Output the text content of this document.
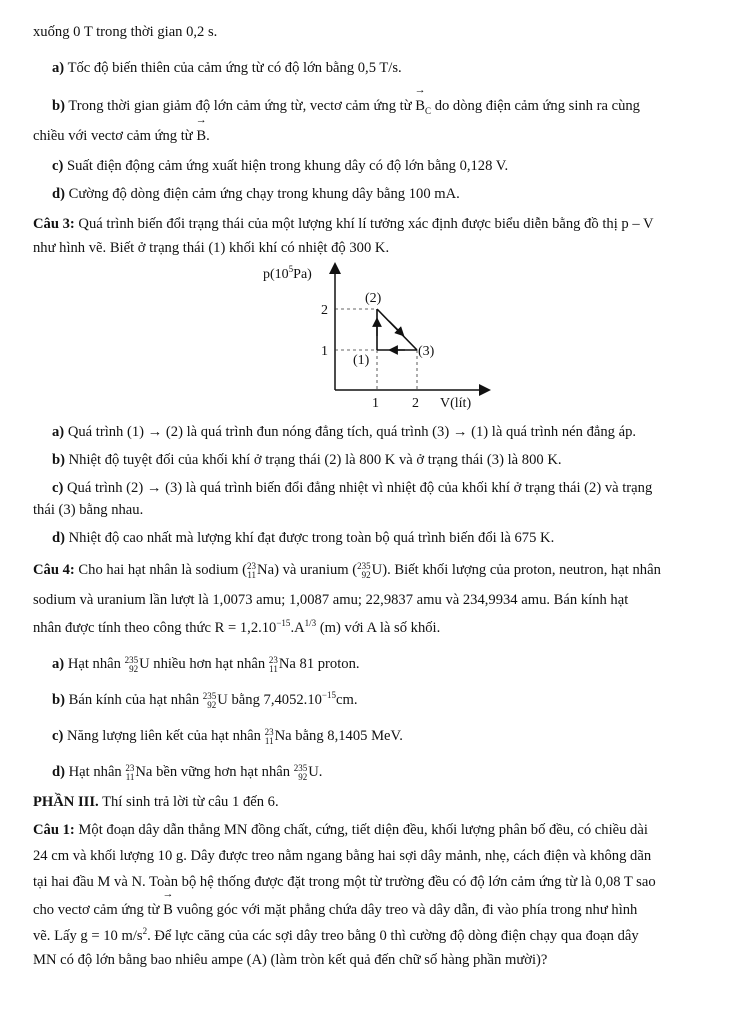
xuống 0 T trong thời gian 0,2 s.
a) Tốc độ biến thiên của cảm ứng từ có độ lớn bằng 0,5 T/s.
b) Trong thời gian giảm độ lớn cảm ứng từ, vectơ cảm ứng từ → $B_C$ do dòng điện cảm ứng sinh ra cùng
chiều với vectơ cảm ứng từ → B.
c) Suất điện động cảm ứng xuất hiện trong khung dây có độ lớn bằng 0,128 V.
d) Cường độ dòng điện cảm ứng chạy trong khung dây bằng 100 mA.
Câu 3: Quá trình biến đổi trạng thái của một lượng khí lí tưởng xác định được biểu diễn bằng đồ thị p – V
như hình vẽ. Biết ở trạng thái (1) khối khí có nhiệt độ 300 K.
$p(10^5Pa)$
2
1
1 2 V(lít)
(2)
(1)
(3)
a) Quá trình (1) → (2) là quá trình đun nóng đẳng tích, quá trình (3) → (1) là quá trình nén đẳng áp.
b) Nhiệt độ tuyệt đối của khối khí ở trạng thái (2) là 800 K và ở trạng thái (3) là 800 K.
c) Quá trình (2) → (3) là quá trình biến đổi đẳng nhiệt vì nhiệt độ của khối khí ở trạng thái (2) và trạng
thái (3) bằng nhau.
d) Nhiệt độ cao nhất mà lượng khí đạt được trong toàn bộ quá trình biến đổi là 675 K.
Câu 4: Cho hai hạt nhân là sodium ( 23
11 Na) và uranium ( 235
92 U). Biết khối lượng của proton, neutron, hạt nhân
sodium và uranium lần lượt là 1,0073 amu; 1,0087 amu; 22,9837 amu và 234,9934 amu. Bán kính hạt
nhân được tính theo công thức $R = 1,2.10^{-15}.A^{1/3}$ (m) với A là số khối.
a) Hạt nhân 235
92 U nhiều hơn hạt nhân 23
11 Na 81 proton.
b) Bán kính của hạt nhân 235
92 U bằng $7,4052.10^{-15}cm$.
c) Năng lượng liên kết của hạt nhân 23
11 Na bằng 8,1405 MeV.
d) Hạt nhân 23
11 Na bền vững hơn hạt nhân 235
92 U.
PHẦN III. Thí sinh trả lời từ câu 1 đến 6.
Câu 1: Một đoạn dây dẫn thẳng MN đồng chất, cứng, tiết diện đều, khối lượng phân bố đều, có chiều dài
24 cm và khối lượng 10 g. Dây được treo nằm ngang bằng hai sợi dây mảnh, nhẹ, cách điện và không dãn
tại hai đầu M và N. Toàn bộ hệ thống được đặt trong một từ trường đều có độ lớn cảm ứng từ là 0,08 T sao
cho vectơ cảm ứng từ → B vuông góc với mặt phẳng chứa dây treo và dây dẫn, đi vào phía trong như hình
vẽ. Lấy g = 10 $m/s^2$. Để lực căng của các sợi dây treo bằng 0 thì cường độ dòng điện chạy qua đoạn dây
MN có độ lớn bằng bao nhiêu ampe (A) (làm tròn kết quả đến chữ số hàng phần mười)?
